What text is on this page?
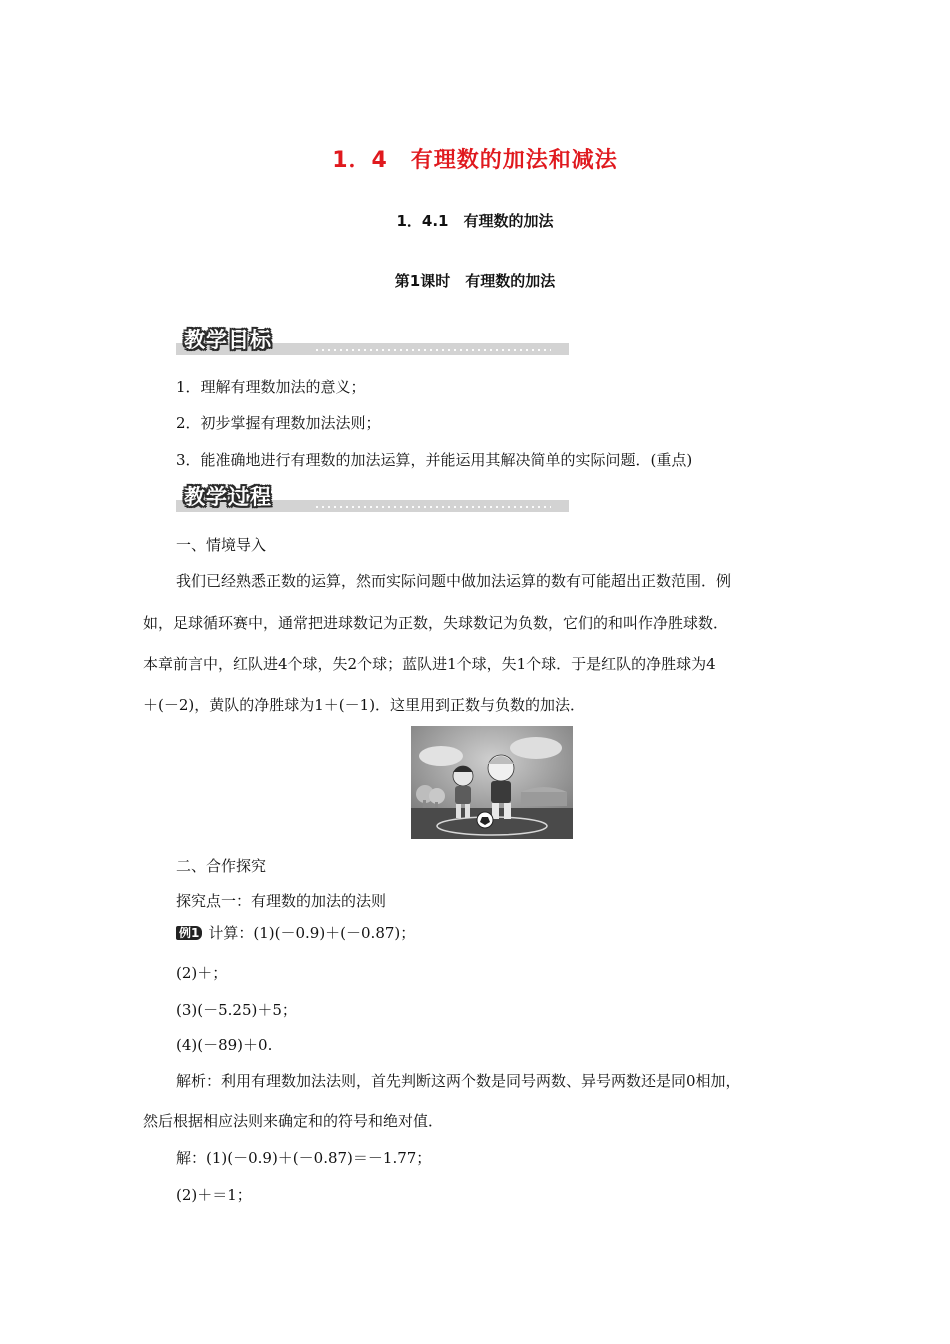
1．4　有理数的加法和减法
1．4.1　有理数的加法
第1课时　有理数的加法
教学目标
1．理解有理数加法的意义；
2．初步掌握有理数加法法则；
3．能准确地进行有理数的加法运算，并能运用其解决简单的实际问题．(重点)
教学过程
一、情境导入
我们已经熟悉正数的运算，然而实际问题中做加法运算的数有可能超出正数范围．例
如，足球循环赛中，通常把进球数记为正数，失球数记为负数，它们的和叫作净胜球数．
本章前言中，红队进4个球，失2个球；蓝队进1个球，失1个球．于是红队的净胜球为4
＋(－2)，黄队的净胜球为1＋(－1)．这里用到正数与负数的加法．
二、合作探究
探究点一：有理数的加法的法则
例1 计算：(1)(－0.9)＋(－0.87)；
(2)＋；
(3)(－5.25)＋5；
(4)(－89)＋0.
解析：利用有理数加法法则，首先判断这两个数是同号两数、异号两数还是同0相加，
然后根据相应法则来确定和的符号和绝对值．
解：(1)(－0.9)＋(－0.87)＝－1.77；
(2)＋＝1；
